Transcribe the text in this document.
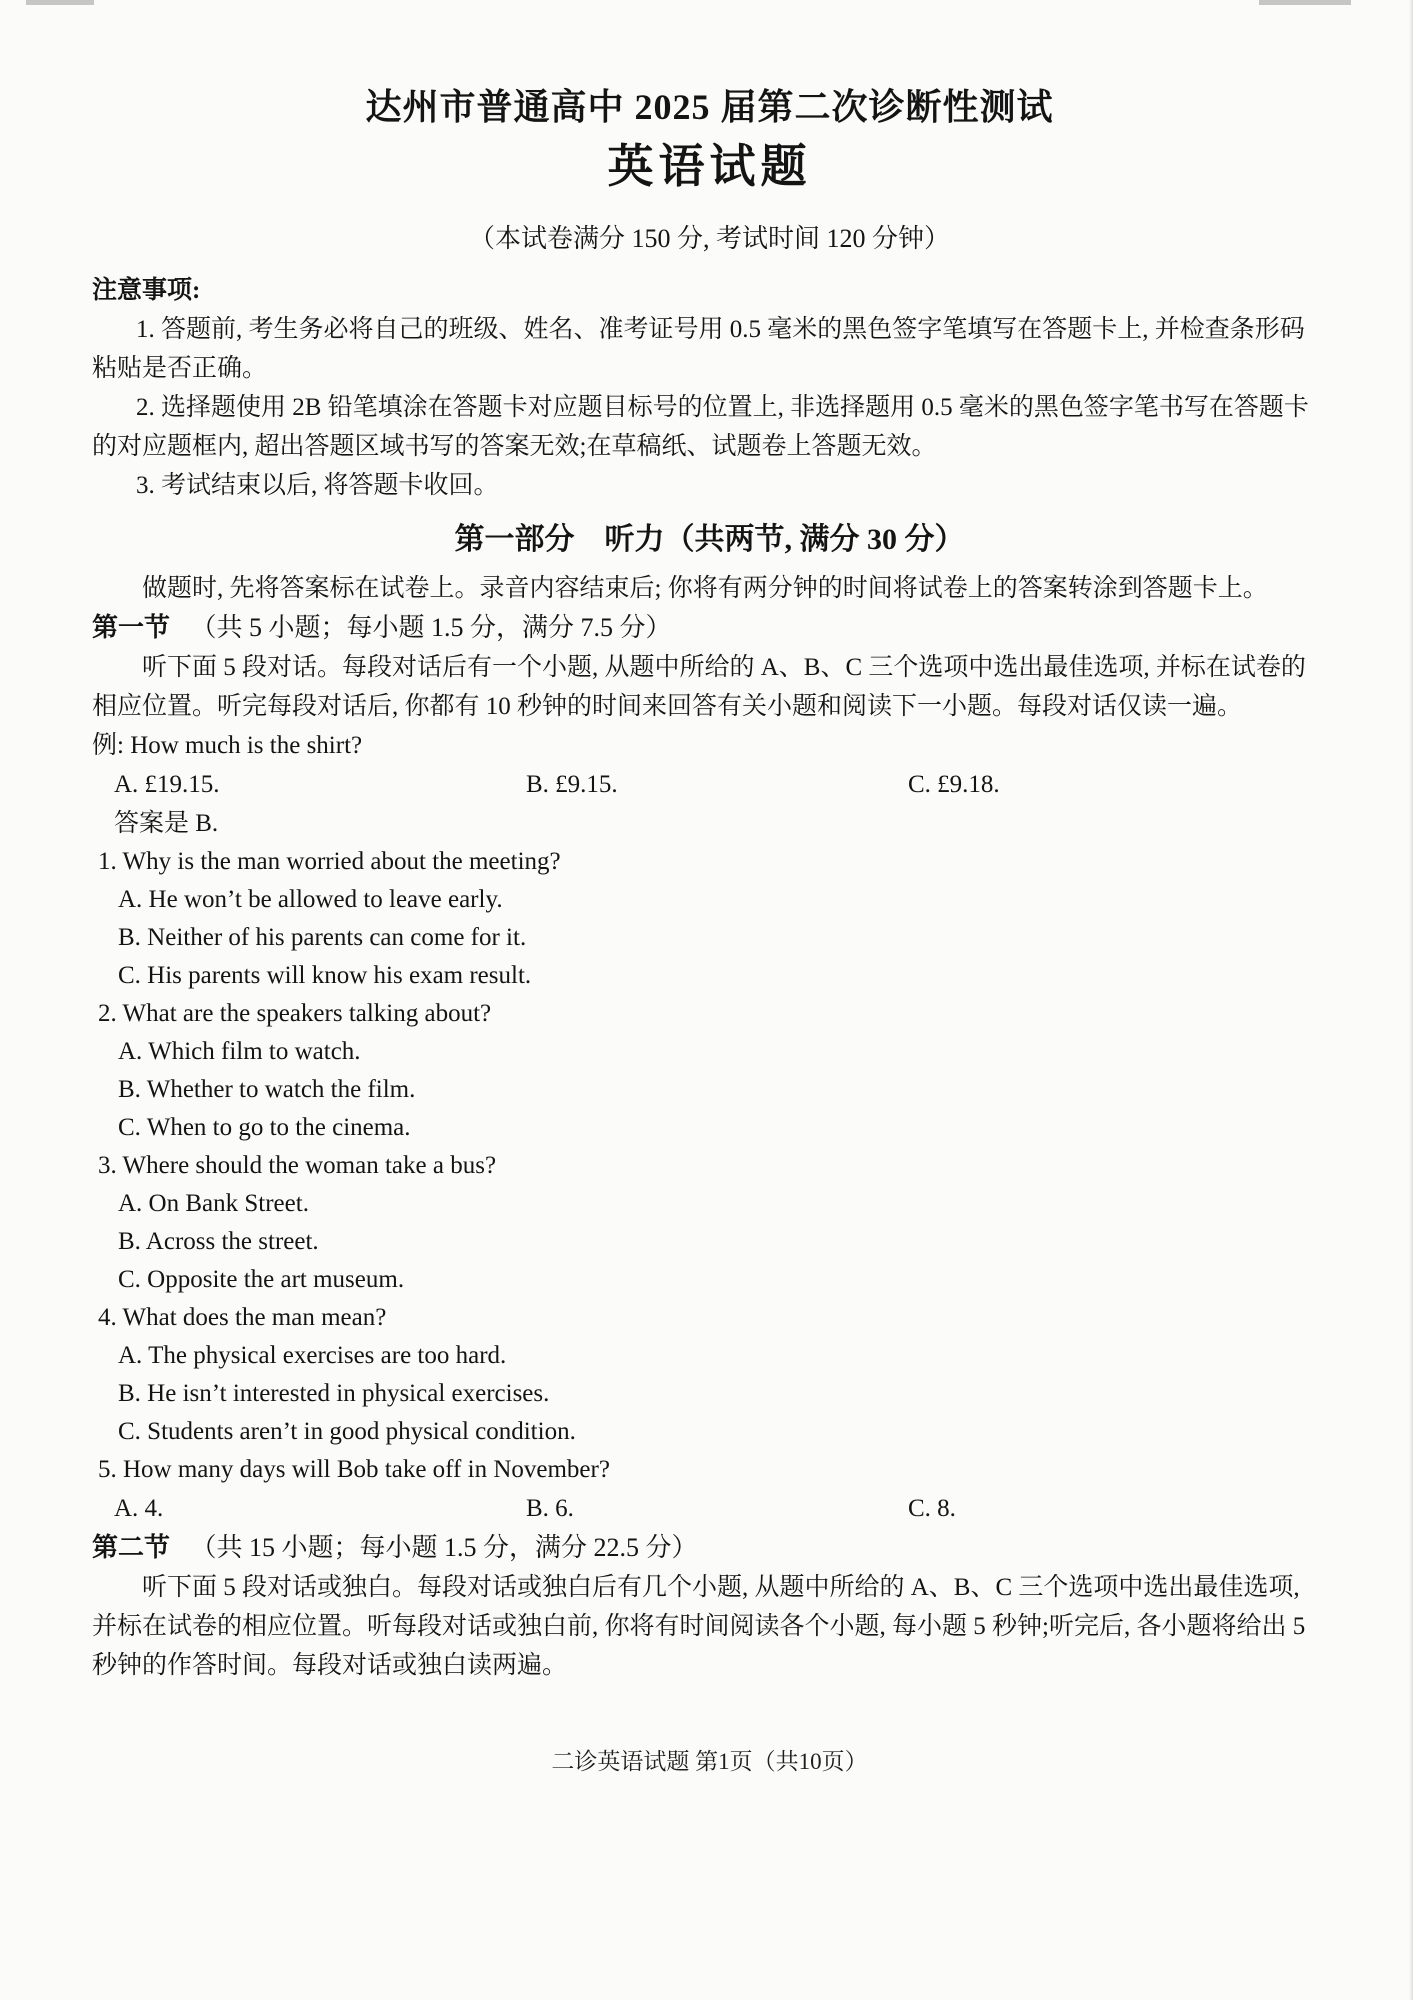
达州市普通高中 2025 届第二次诊断性测试
英语试题
（本试卷满分 150 分, 考试时间 120 分钟）
注意事项:
1. 答题前, 考生务必将自己的班级、姓名、准考证号用 0.5 毫米的黑色签字笔填写在答题卡上, 并检查条形码粘贴是否正确。
2. 选择题使用 2B 铅笔填涂在答题卡对应题目标号的位置上, 非选择题用 0.5 毫米的黑色签字笔书写在答题卡的对应题框内, 超出答题区域书写的答案无效;在草稿纸、试题卷上答题无效。
3. 考试结束以后, 将答题卡收回。
第一部分　听力（共两节, 满分 30 分）
做题时, 先将答案标在试卷上。录音内容结束后; 你将有两分钟的时间将试卷上的答案转涂到答题卡上。
第一节 （共 5 小题；每小题 1.5 分，满分 7.5 分）
听下面 5 段对话。每段对话后有一个小题, 从题中所给的 A、B、C 三个选项中选出最佳选项, 并标在试卷的相应位置。听完每段对话后, 你都有 10 秒钟的时间来回答有关小题和阅读下一小题。每段对话仅读一遍。
例: How much is the shirt?
A. £19.15.	B. £9.15.	C. £9.18.
答案是 B.
1. Why is the man worried about the meeting?
A. He won’t be allowed to leave early.
B. Neither of his parents can come for it.
C. His parents will know his exam result.
2. What are the speakers talking about?
A. Which film to watch.
B. Whether to watch the film.
C. When to go to the cinema.
3. Where should the woman take a bus?
A. On Bank Street.
B. Across the street.
C. Opposite the art museum.
4. What does the man mean?
A. The physical exercises are too hard.
B. He isn’t interested in physical exercises.
C. Students aren’t in good physical condition.
5. How many days will Bob take off in November?
A. 4.	B. 6.	C. 8.
第二节 （共 15 小题；每小题 1.5 分，满分 22.5 分）
听下面 5 段对话或独白。每段对话或独白后有几个小题, 从题中所给的 A、B、C 三个选项中选出最佳选项, 并标在试卷的相应位置。听每段对话或独白前, 你将有时间阅读各个小题, 每小题 5 秒钟;听完后, 各小题将给出 5 秒钟的作答时间。每段对话或独白读两遍。
二诊英语试题 第1页（共10页）
